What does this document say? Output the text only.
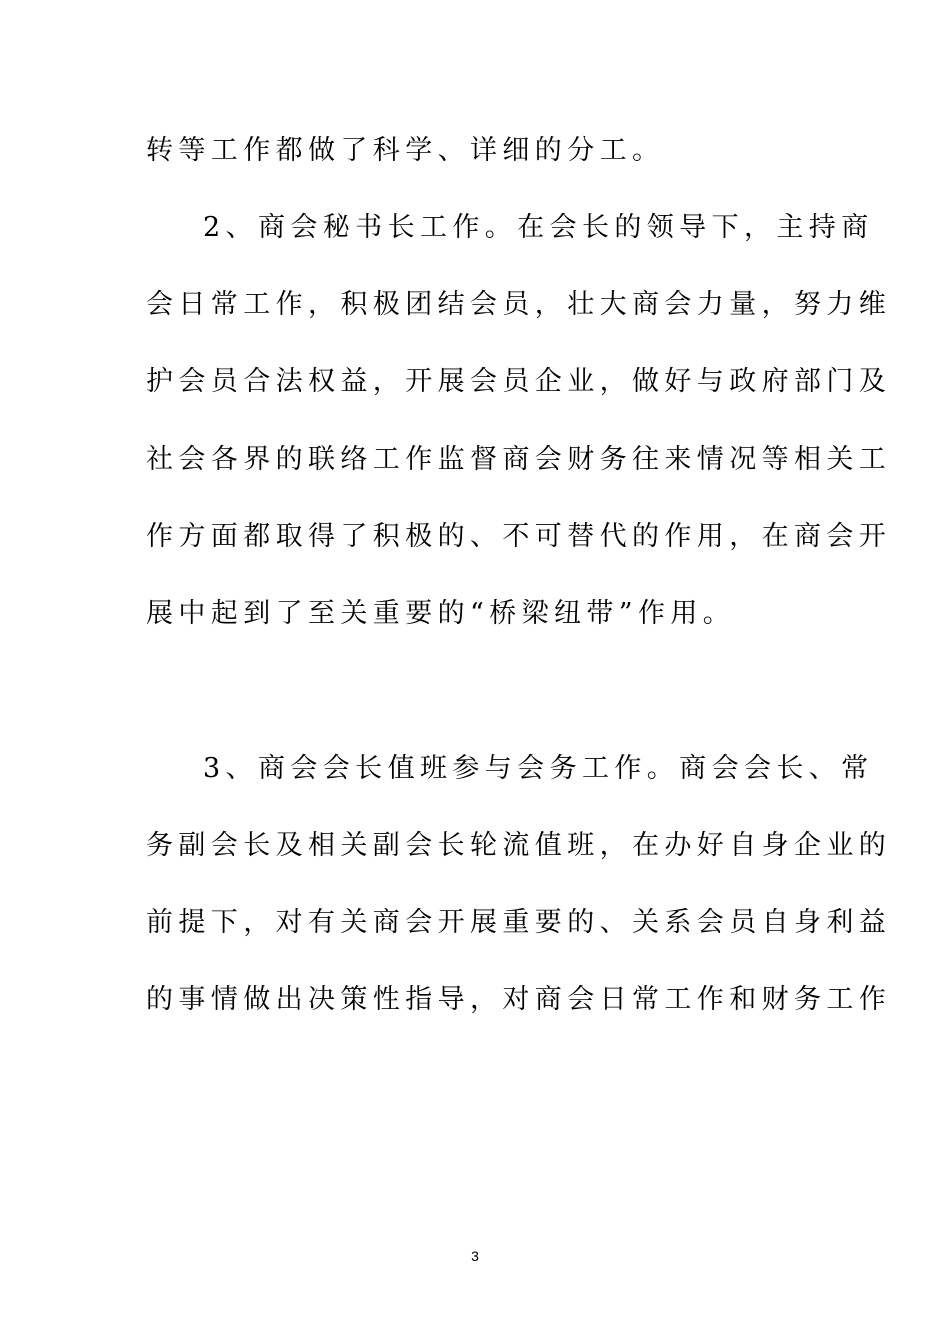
转等工作都做了科学、详细的分工。
2、商会秘书长工作。在会长的领导下，主持商
会日常工作，积极团结会员，壮大商会力量，努力维
护会员合法权益，开展会员企业，做好与政府部门及
社会各界的联络工作监督商会财务往来情况等相关工
作方面都取得了积极的、不可替代的作用，在商会开
展中起到了至关重要的“桥梁纽带”作用。
3、商会会长值班参与会务工作。商会会长、常
务副会长及相关副会长轮流值班，在办好自身企业的
前提下，对有关商会开展重要的、关系会员自身利益
的事情做出决策性指导，对商会日常工作和财务工作
3
